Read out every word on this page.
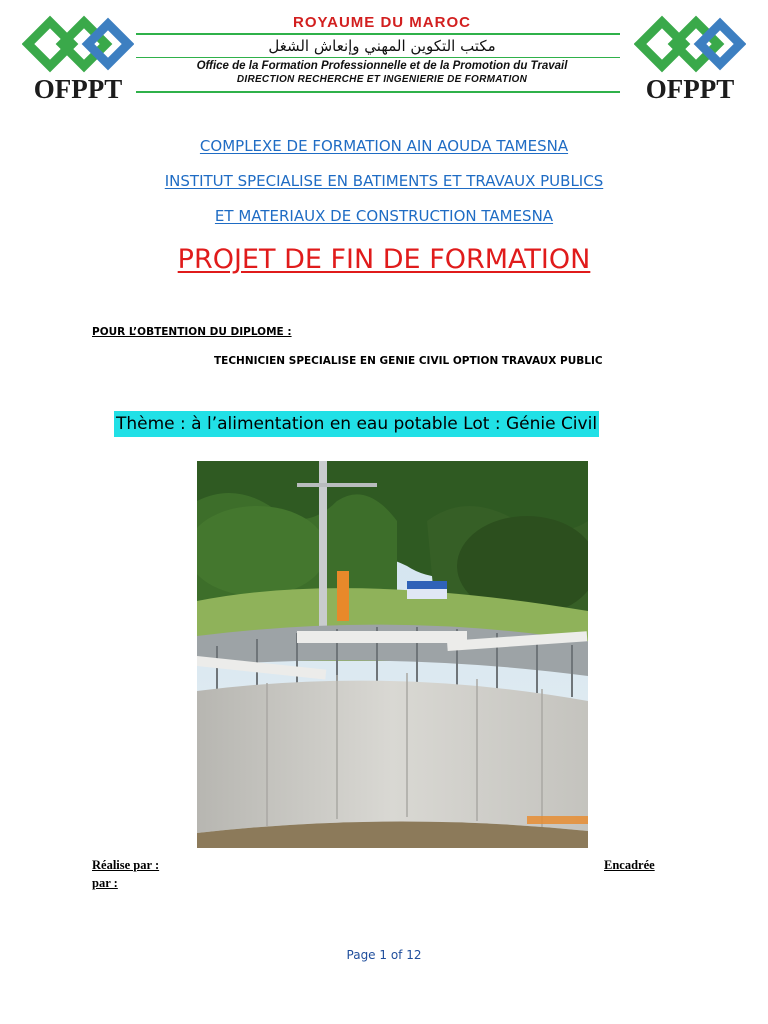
OFPPT
ROYAUME DU MAROC
مكتب التكوين المهني وإنعاش الشغل
Office de la Formation Professionnelle et de la Promotion du Travail
DIRECTION RECHERCHE ET INGENIERIE DE FORMATION	OFPPT
COMPLEXE DE FORMATION AIN AOUDA TAMESNA
INSTITUT SPECIALISE EN BATIMENTS ET TRAVAUX PUBLICS
ET MATERIAUX DE CONSTRUCTION TAMESNA
PROJET DE FIN DE FORMATION
POUR L’OBTENTION DU DIPLOME :
TECHNICIEN SPECIALISE EN GENIE CIVIL OPTION TRAVAUX PUBLIC
Thème : à l’alimentation en eau potable Lot : Génie Civil
Réalise par :	Encadrée
par :
Page 1 of 12
